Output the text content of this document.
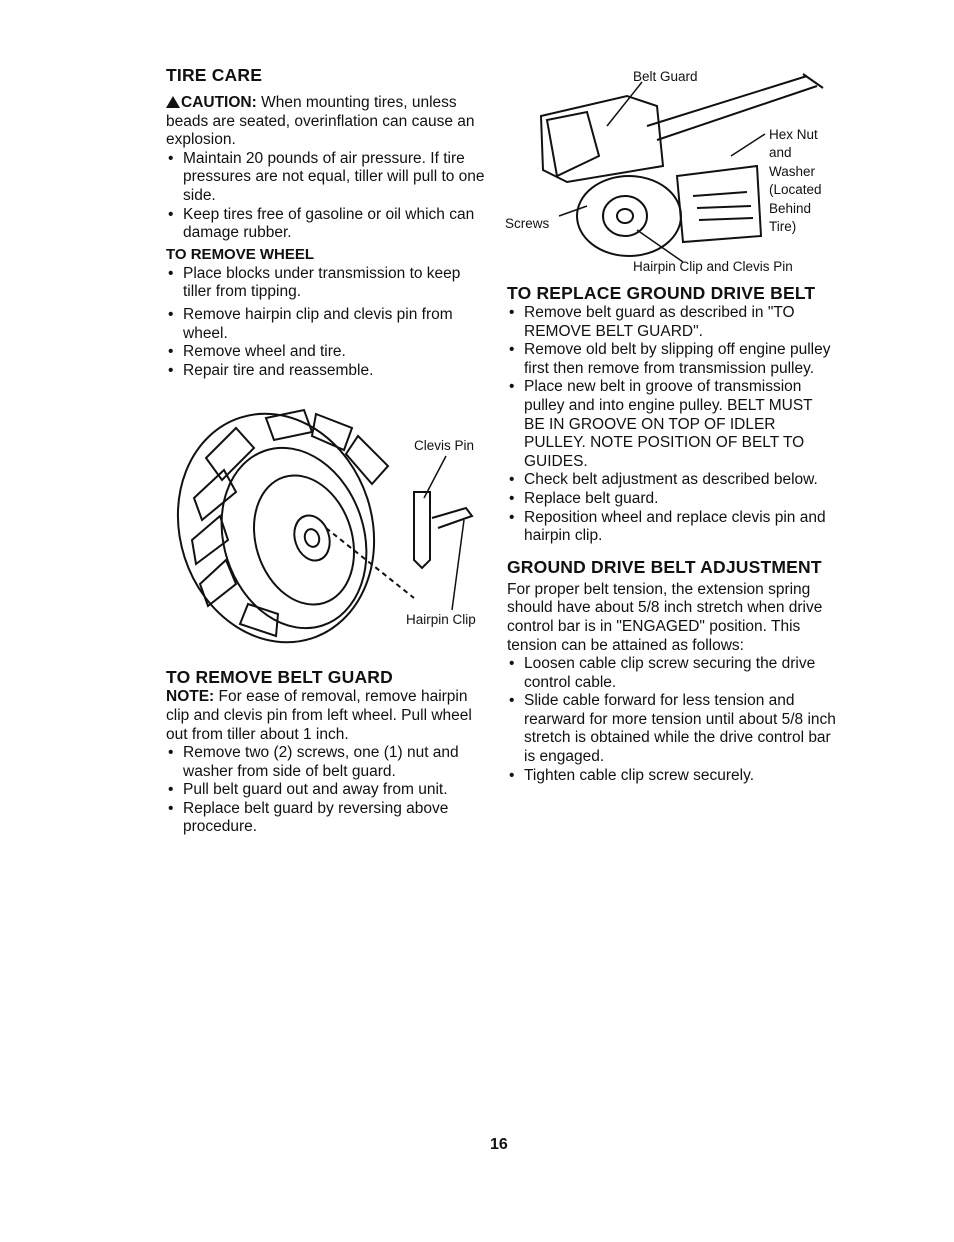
TIRE CARE

CAUTION: When mounting tires, unless beads are seated, overinflation can cause an explosion.

• Maintain 20 pounds of air pressure. If tire pressures are not equal, tiller will pull to one side.
• Keep tires free of gasoline or oil which can damage rubber.
TO REMOVE WHEEL
• Place blocks under transmission to keep tiller from tipping.
• Remove hairpin clip and clevis pin from wheel.
• Remove wheel and tire.
• Repair tire and reassemble.
Clevis Pin
Hairpin Clip
TO REMOVE BELT GUARD

NOTE: For ease of removal, remove hairpin clip and clevis pin from left wheel. Pull wheel out from tiller about 1 inch.

• Remove two (2) screws, one (1) nut and washer from side of belt guard.
• Pull belt guard out and away from unit.
• Replace belt guard by reversing above procedure.
Belt Guard
Hex Nut
and
Washer
(Located
Behind
Tire)
Screws
Hairpin Clip and Clevis Pin
TO REPLACE GROUND DRIVE BELT
• Remove belt guard as described in "TO REMOVE BELT GUARD".
• Remove old belt by slipping off engine pulley first then remove from transmission pulley.
• Place new belt in groove of transmission pulley and into engine pulley. BELT MUST BE IN GROOVE ON TOP OF IDLER PULLEY. NOTE POSITION OF BELT TO GUIDES.
• Check belt adjustment as described below.
• Replace belt guard.
• Reposition wheel and replace clevis pin and hairpin clip.
GROUND DRIVE BELT ADJUSTMENT

For proper belt tension, the extension spring should have about 5/8 inch stretch when drive control bar is in "ENGAGED" position. This tension can be attained as follows:

• Loosen cable clip screw securing the drive control cable.
• Slide cable forward for less tension and rearward for more tension until about 5/8 inch stretch is obtained while the drive control bar is engaged.
• Tighten cable clip screw securely.
16
